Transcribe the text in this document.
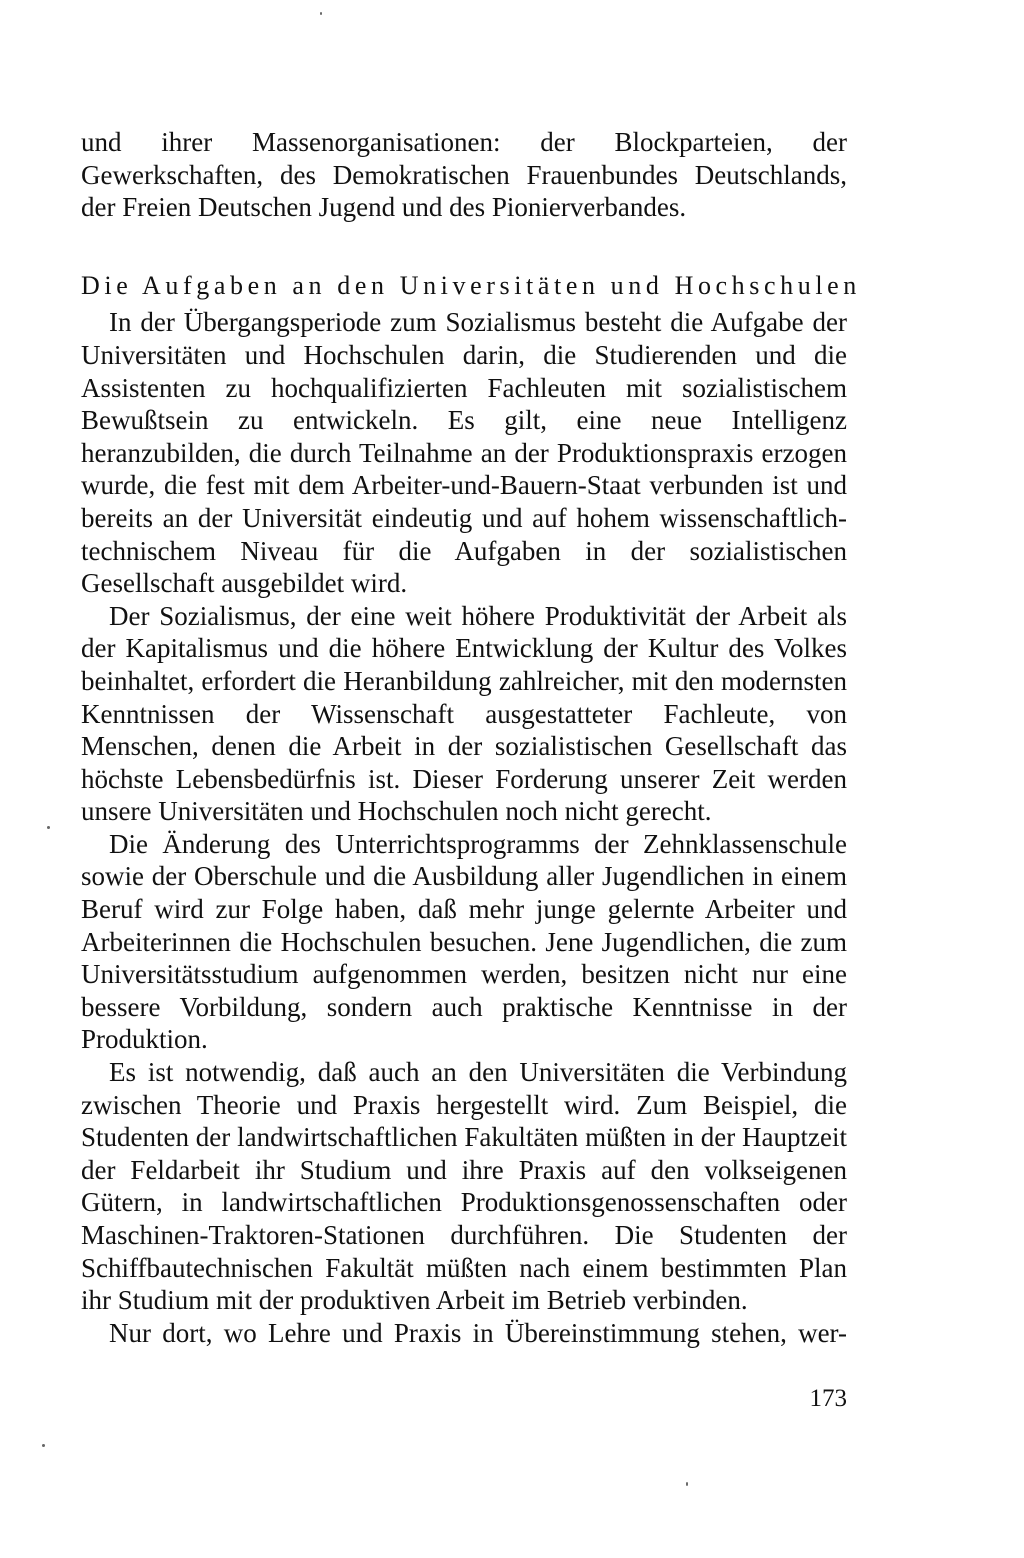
und ihrer Massenorganisationen: der Blockparteien, der Gewerkschaften, des Demokratischen Frauenbundes Deutschlands, der Freien Deutschen Jugend und des Pionierverbandes.

Die Aufgaben an den Universitäten und Hochschulen

In der Übergangsperiode zum Sozialismus besteht die Aufgabe der Universitäten und Hochschulen darin, die Studierenden und die Assistenten zu hochqualifizierten Fachleuten mit sozialistischem Bewußtsein zu entwickeln. Es gilt, eine neue Intelligenz heranzubilden, die durch Teilnahme an der Produktionspraxis erzogen wurde, die fest mit dem Arbeiter-und-Bauern-Staat verbunden ist und bereits an der Universität eindeutig und auf hohem wissenschaftlich-technischem Niveau für die Aufgaben in der sozialistischen Gesellschaft ausgebildet wird.

Der Sozialismus, der eine weit höhere Produktivität der Arbeit als der Kapitalismus und die höhere Entwicklung der Kultur des Volkes beinhaltet, erfordert die Heranbildung zahlreicher, mit den modernsten Kenntnissen der Wissenschaft ausgestatteter Fachleute, von Menschen, denen die Arbeit in der sozialistischen Gesellschaft das höchste Lebensbedürfnis ist. Dieser Forderung unserer Zeit werden unsere Universitäten und Hochschulen noch nicht gerecht.

Die Änderung des Unterrichtsprogramms der Zehnklassenschule sowie der Oberschule und die Ausbildung aller Jugendlichen in einem Beruf wird zur Folge haben, daß mehr junge gelernte Arbeiter und Arbeiterinnen die Hochschulen besuchen. Jene Jugendlichen, die zum Universitätsstudium aufgenommen werden, besitzen nicht nur eine bessere Vorbildung, sondern auch praktische Kenntnisse in der Produktion.

Es ist notwendig, daß auch an den Universitäten die Verbindung zwischen Theorie und Praxis hergestellt wird. Zum Beispiel, die Studenten der landwirtschaftlichen Fakultäten müßten in der Hauptzeit der Feldarbeit ihr Studium und ihre Praxis auf den volkseigenen Gütern, in landwirtschaftlichen Produktionsgenossenschaften oder Maschinen-Traktoren-Stationen durchführen. Die Studenten der Schiffbautechnischen Fakultät müßten nach einem bestimmten Plan ihr Studium mit der produktiven Arbeit im Betrieb verbinden.

Nur dort, wo Lehre und Praxis in Übereinstimmung stehen, wer-

173
